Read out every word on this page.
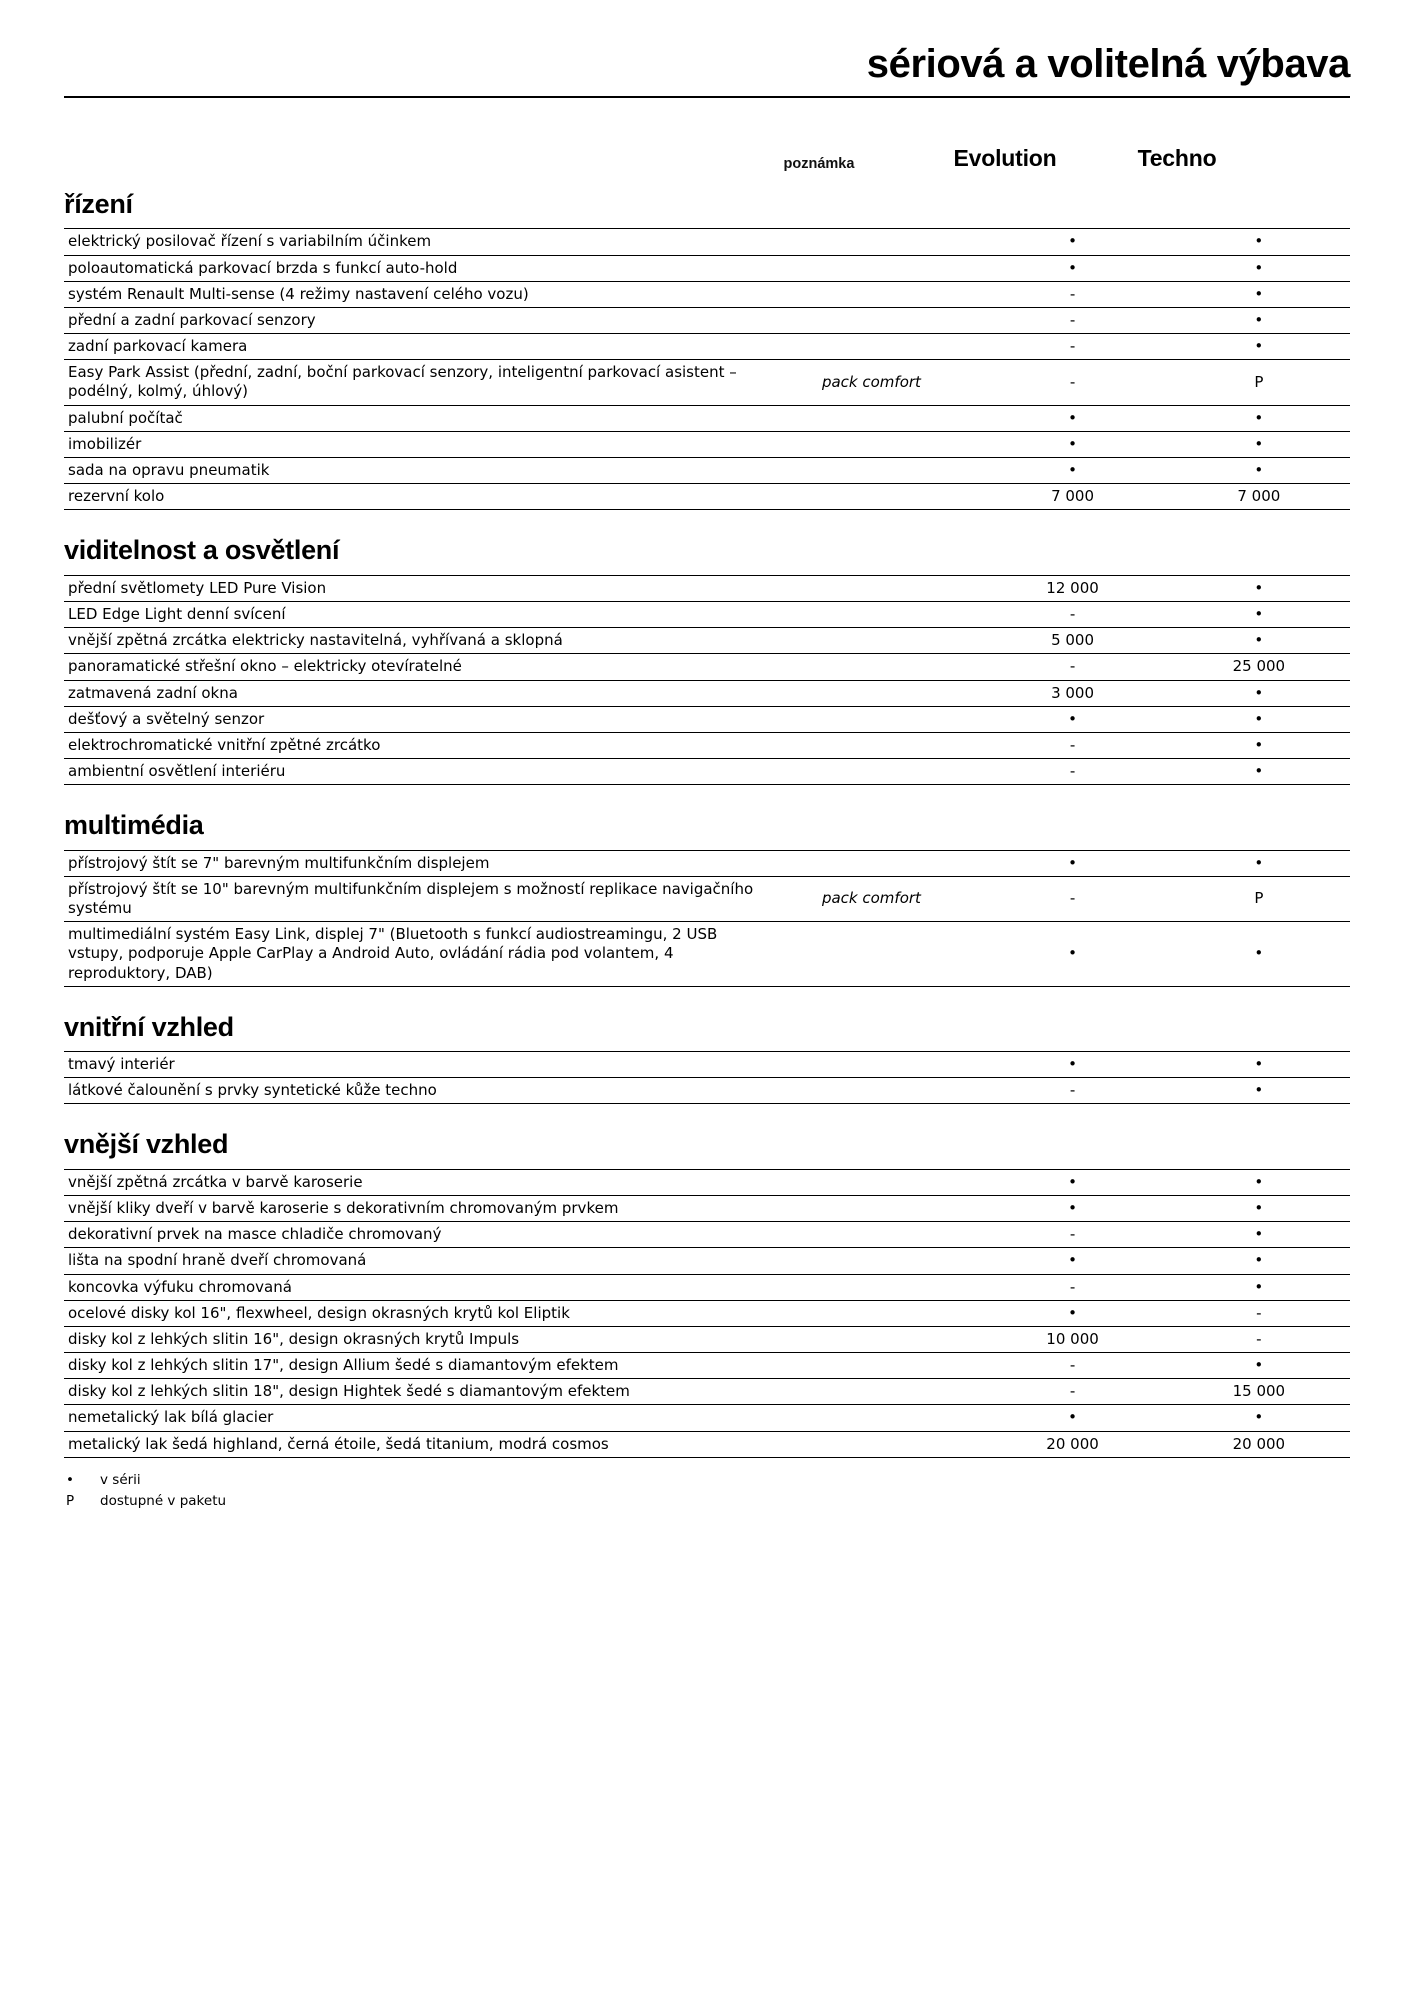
sériová a volitelná výbava
poznámka	Evolution	Techno
řízení
elektrický posilovač řízení s variabilním účinkem		•	•
poloautomatická parkovací brzda s funkcí auto-hold		•	•
systém Renault Multi-sense (4 režimy nastavení celého vozu)		-	•
přední a zadní parkovací senzory		-	•
zadní parkovací kamera		-	•
Easy Park Assist (přední, zadní, boční parkovací senzory, inteligentní parkovací asistent – podélný, kolmý, úhlový)	pack comfort	-	P
palubní počítač		•	•
imobilizér		•	•
sada na opravu pneumatik		•	•
rezervní kolo		7 000	7 000
viditelnost a osvětlení
přední světlomety LED Pure Vision		12 000	•
LED Edge Light denní svícení		-	•
vnější zpětná zrcátka elektricky nastavitelná, vyhřívaná a sklopná		5 000	•
panoramatické střešní okno – elektricky otevíratelné		-	25 000
zatmavená zadní okna		3 000	•
dešťový a světelný senzor		•	•
elektrochromatické vnitřní zpětné zrcátko		-	•
ambientní osvětlení interiéru		-	•
multimédia
přístrojový štít se 7" barevným multifunkčním displejem		•	•
přístrojový štít se 10" barevným multifunkčním displejem s možností replikace navigačního systému	pack comfort	-	P
multimediální systém Easy Link, displej 7" (Bluetooth s funkcí audiostreamingu, 2 USB vstupy, podporuje Apple CarPlay a Android Auto, ovládání rádia pod volantem, 4 reproduktory, DAB)		•	•
vnitřní vzhled
tmavý interiér		•	•
látkové čalounění s prvky syntetické kůže techno		-	•
vnější vzhled
vnější zpětná zrcátka v barvě karoserie		•	•
vnější kliky dveří v barvě karoserie s dekorativním chromovaným prvkem		•	•
dekorativní prvek na masce chladiče chromovaný		-	•
lišta na spodní hraně dveří chromovaná		•	•
koncovka výfuku chromovaná		-	•
ocelové disky kol 16", flexwheel, design okrasných krytů kol Eliptik		•	-
disky kol z lehkých slitin 16", design okrasných krytů Impuls		10 000	-
disky kol z lehkých slitin 17", design Allium šedé s diamantovým efektem		-	•
disky kol z lehkých slitin 18", design Hightek šedé s diamantovým efektem		-	15 000
nemetalický lak bílá glacier		•	•
metalický lak šedá highland, černá étoile, šedá titanium, modrá cosmos		20 000	20 000
•	v sérii
P	dostupné v paketu
